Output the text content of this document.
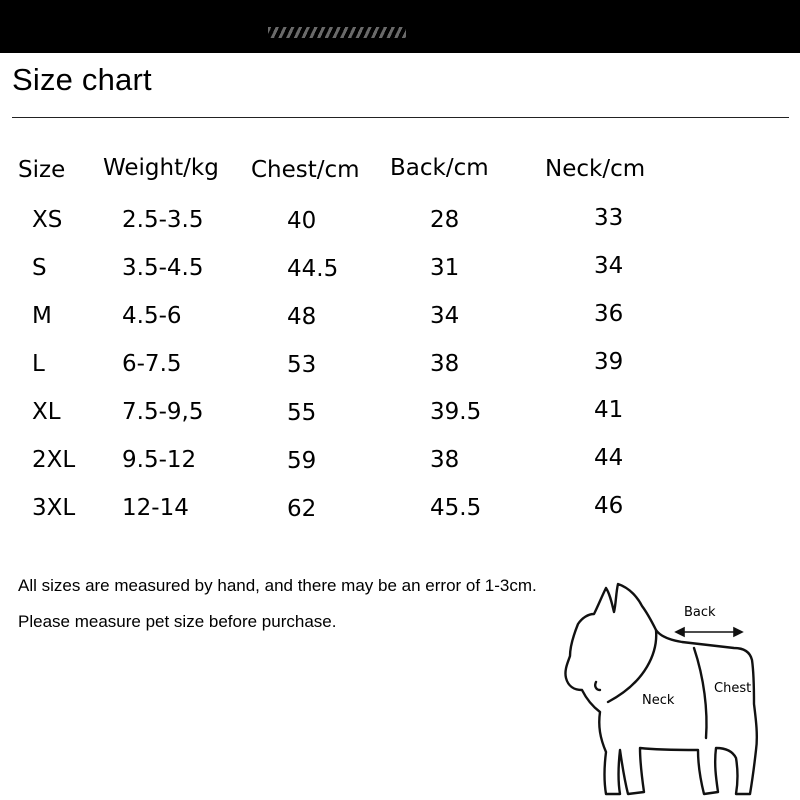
Size chart
Size Weight/kg Chest/cm Back/cm Neck/cm
XS	2.5-3.5	40	28	33
S	3.5-4.5	44.5	31	34
M	4.5-6	48	34	36
L	6-7.5	53	38	39
XL	7.5-9,5	55	39.5	41
2XL 9.5-12	59	38	44
3XL 12-14	62	45.5	46
All sizes are measured by hand, and there may be an error of 1-3cm.
Please measure pet size before purchase.	Back
Neck
Chest
